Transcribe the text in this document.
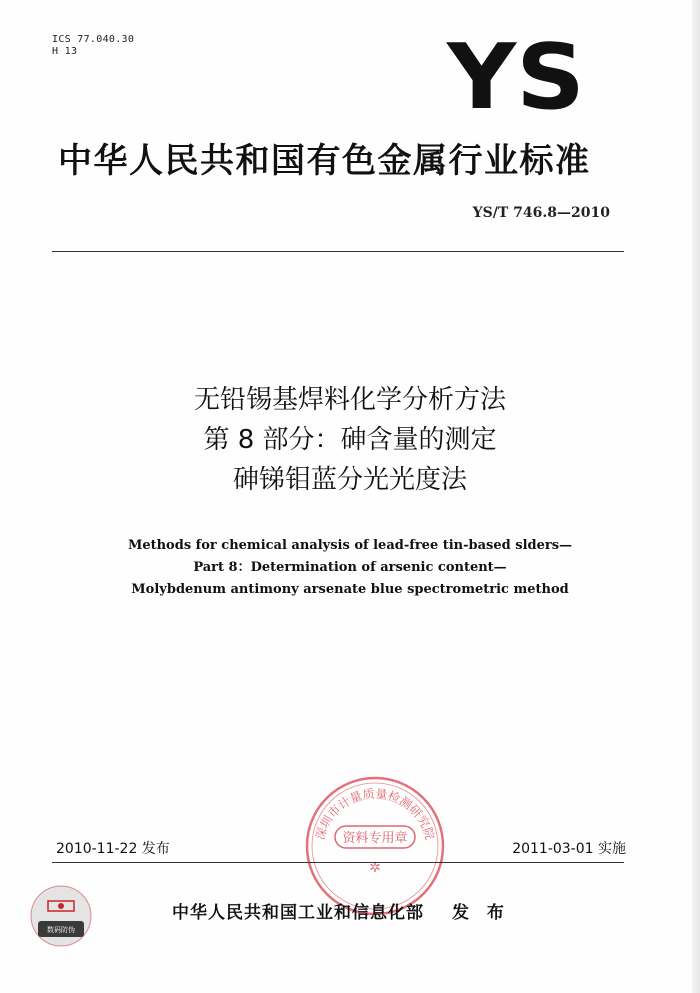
ICS 77.040.30
H 13	YS
中华人民共和国有色金属行业标准
YS/T 746.8—2010
无铅锡基焊料化学分析方法
第 8 部分：砷含量的测定
砷锑钼蓝分光光度法
Methods for chemical analysis of lead-free tin-based slders—
Part 8：Determination of arsenic content—
Molybdenum antimony arsenate blue spectrometric method
深圳市计量质量检测研究院
资料专用章
✲
2010-11-22 发布	2011-03-01 实施
中华人民共和国工业和信息化部 发 布
数码防伪
